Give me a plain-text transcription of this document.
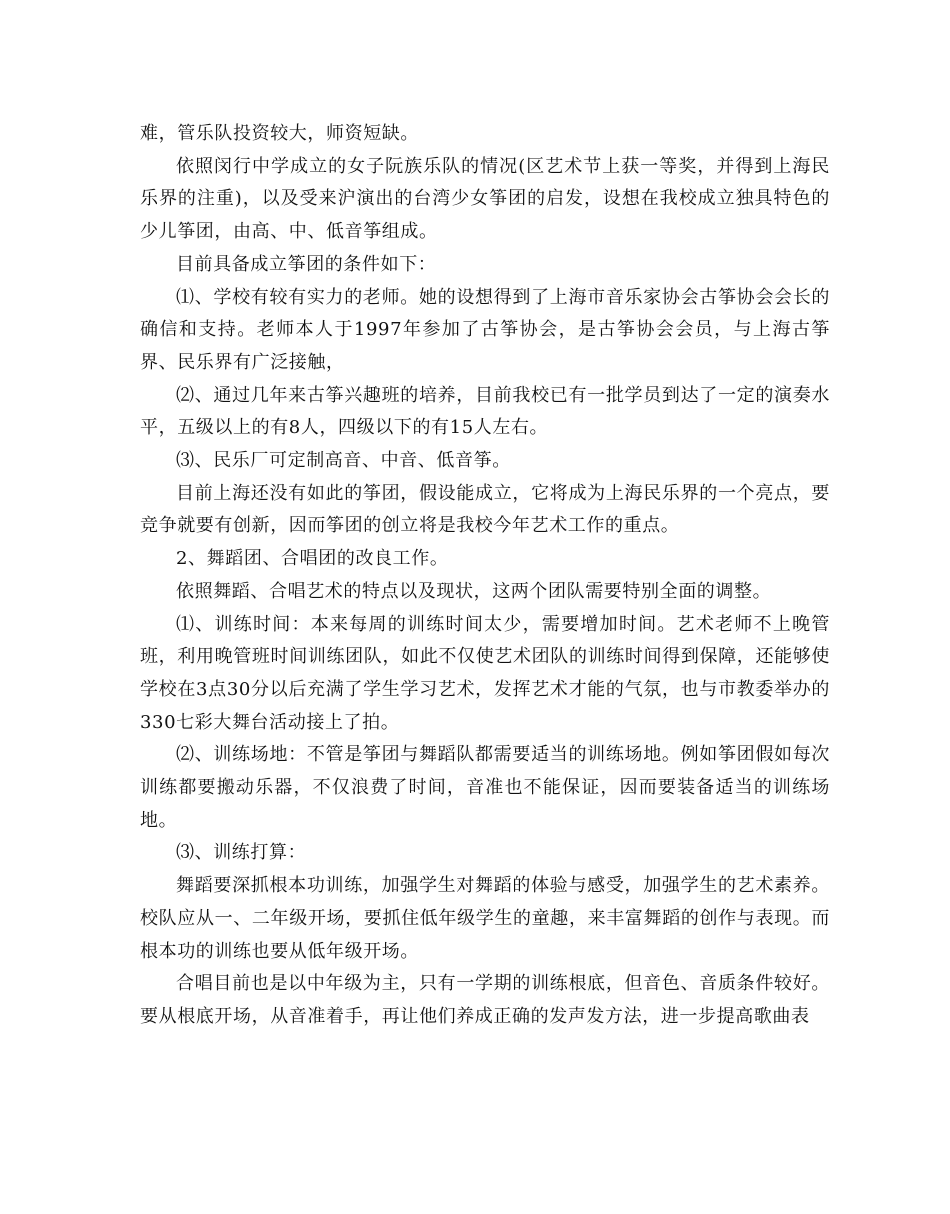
难，管乐队投资较大，师资短缺。

依照闵行中学成立的女子阮族乐队的情况(区艺术节上获一等奖，并得到上海民乐界的注重)，以及受来沪演出的台湾少女筝团的启发，设想在我校成立独具特色的少儿筝团，由高、中、低音筝组成。

目前具备成立筝团的条件如下：

⑴、学校有较有实力的老师。她的设想得到了上海市音乐家协会古筝协会会长的确信和支持。老师本人于1997年参加了古筝协会，是古筝协会会员，与上海古筝界、民乐界有广泛接触，

⑵、通过几年来古筝兴趣班的培养，目前我校已有一批学员到达了一定的演奏水平，五级以上的有8人，四级以下的有15人左右。

⑶、民乐厂可定制高音、中音、低音筝。

目前上海还没有如此的筝团，假设能成立，它将成为上海民乐界的一个亮点，要竞争就要有创新，因而筝团的创立将是我校今年艺术工作的重点。

2、舞蹈团、合唱团的改良工作。

依照舞蹈、合唱艺术的特点以及现状，这两个团队需要特别全面的调整。

⑴、训练时间：本来每周的训练时间太少，需要增加时间。艺术老师不上晚管班，利用晚管班时间训练团队，如此不仅使艺术团队的训练时间得到保障，还能够使学校在3点30分以后充满了学生学习艺术，发挥艺术才能的气氛，也与市教委举办的330七彩大舞台活动接上了拍。

⑵、训练场地：不管是筝团与舞蹈队都需要适当的训练场地。例如筝团假如每次训练都要搬动乐器，不仅浪费了时间，音准也不能保证，因而要装备适当的训练场地。

⑶、训练打算：

舞蹈要深抓根本功训练，加强学生对舞蹈的体验与感受，加强学生的艺术素养。校队应从一、二年级开场，要抓住低年级学生的童趣，来丰富舞蹈的创作与表现。而根本功的训练也要从低年级开场。

合唱目前也是以中年级为主，只有一学期的训练根底，但音色、音质条件较好。要从根底开场，从音准着手，再让他们养成正确的发声发方法，进一步提高歌曲表
